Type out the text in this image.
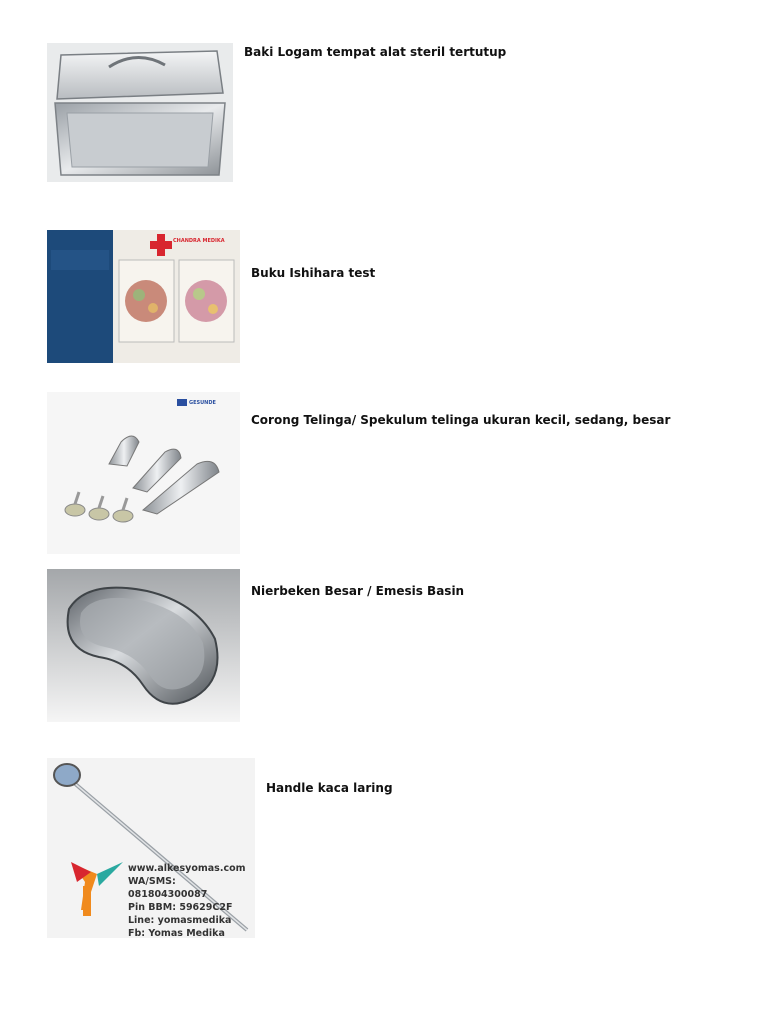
Baki Logam tempat alat steril tertutup
CHANDRA MEDIKA
Buku Ishihara test
GESUNDE
Corong Telinga/ Spekulum telinga ukuran kecil, sedang, besar
Nierbeken Besar / Emesis Basin
www.alkesyomas.com
WA/SMS: 081804300087
Pin BBM: 59629C2F
Line: yomasmedika
Fb: Yomas Medika
Handle kaca laring
